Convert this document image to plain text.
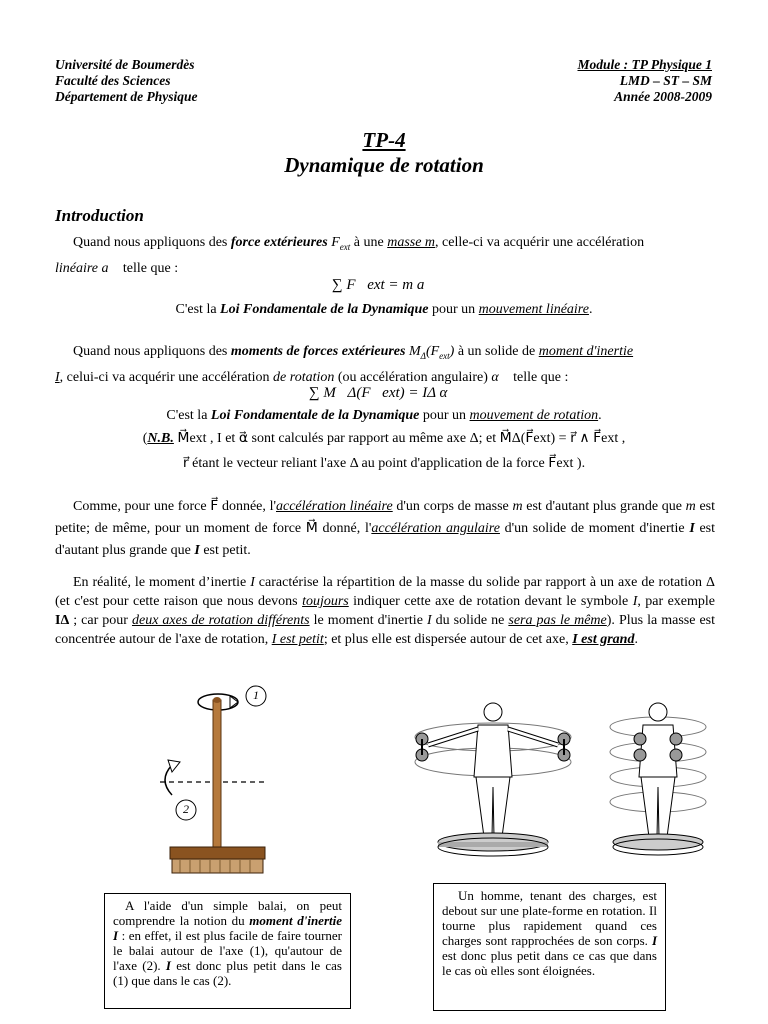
Université de Boumerdès
Faculté des Sciences
Département de Physique
Module : TP Physique 1
LMD – ST – SM
Année 2008-2009
TP-4
Dynamique de rotation
Introduction
Quand nous appliquons des force extérieures $F_{ext}$ à une masse m, celle-ci va acquérir une accélération
linéaire a⃗ telle que :
∑ F⃗ext = m a⃗
C'est la Loi Fondamentale de la Dynamique pour un mouvement linéaire.
Quand nous appliquons des moments de forces extérieures $M_\Delta(F_{ext})$ à un solide de moment d'inertie
I, celui-ci va acquérir une accélération de rotation (ou accélération angulaire) α⃗ telle que :
∑ M⃗Δ(F⃗ext) = IΔ α⃗
C'est la Loi Fondamentale de la Dynamique pour un mouvement de rotation.
(N.B. M⃗ext , I et α⃗ sont calculés par rapport au même axe Δ; et M⃗Δ(F⃗ext) = r⃗ ∧ F⃗ext ,
r⃗ étant le vecteur reliant l'axe Δ au point d'application de la force F⃗ext ).
Comme, pour une force F⃗ donnée, l'accélération linéaire d'un corps de masse m est d'autant plus grande que m est petite; de même, pour un moment de force M⃗ donné, l'accélération angulaire d'un solide de moment d'inertie I est d'autant plus grande que I est petit.
En réalité, le moment d’inertie I caractérise la répartition de la masse du solide par rapport à un axe de rotation Δ (et c'est pour cette raison que nous devons toujours indiquer cette axe de rotation devant le symbole I, par exemple IΔ ; car pour deux axes de rotation différents le moment d'inertie I du solide ne sera pas le même). Plus la masse est concentrée autour de l'axe de rotation, I est petit; et plus elle est dispersée autour de cet axe, I est grand.
1
2
A l'aide d'un simple balai, on peut comprendre la notion du moment d'inertie I : en effet, il est plus facile de faire tourner le balai autour de l'axe (1), qu'autour de l'axe (2). I est donc plus petit dans le cas (1) que dans le cas (2).
Un homme, tenant des charges, est debout sur une plate-forme en rotation. Il tourne plus rapidement quand ces charges sont rapprochées de son corps. I est donc plus petit dans ce cas que dans le cas où elles sont éloignées.
